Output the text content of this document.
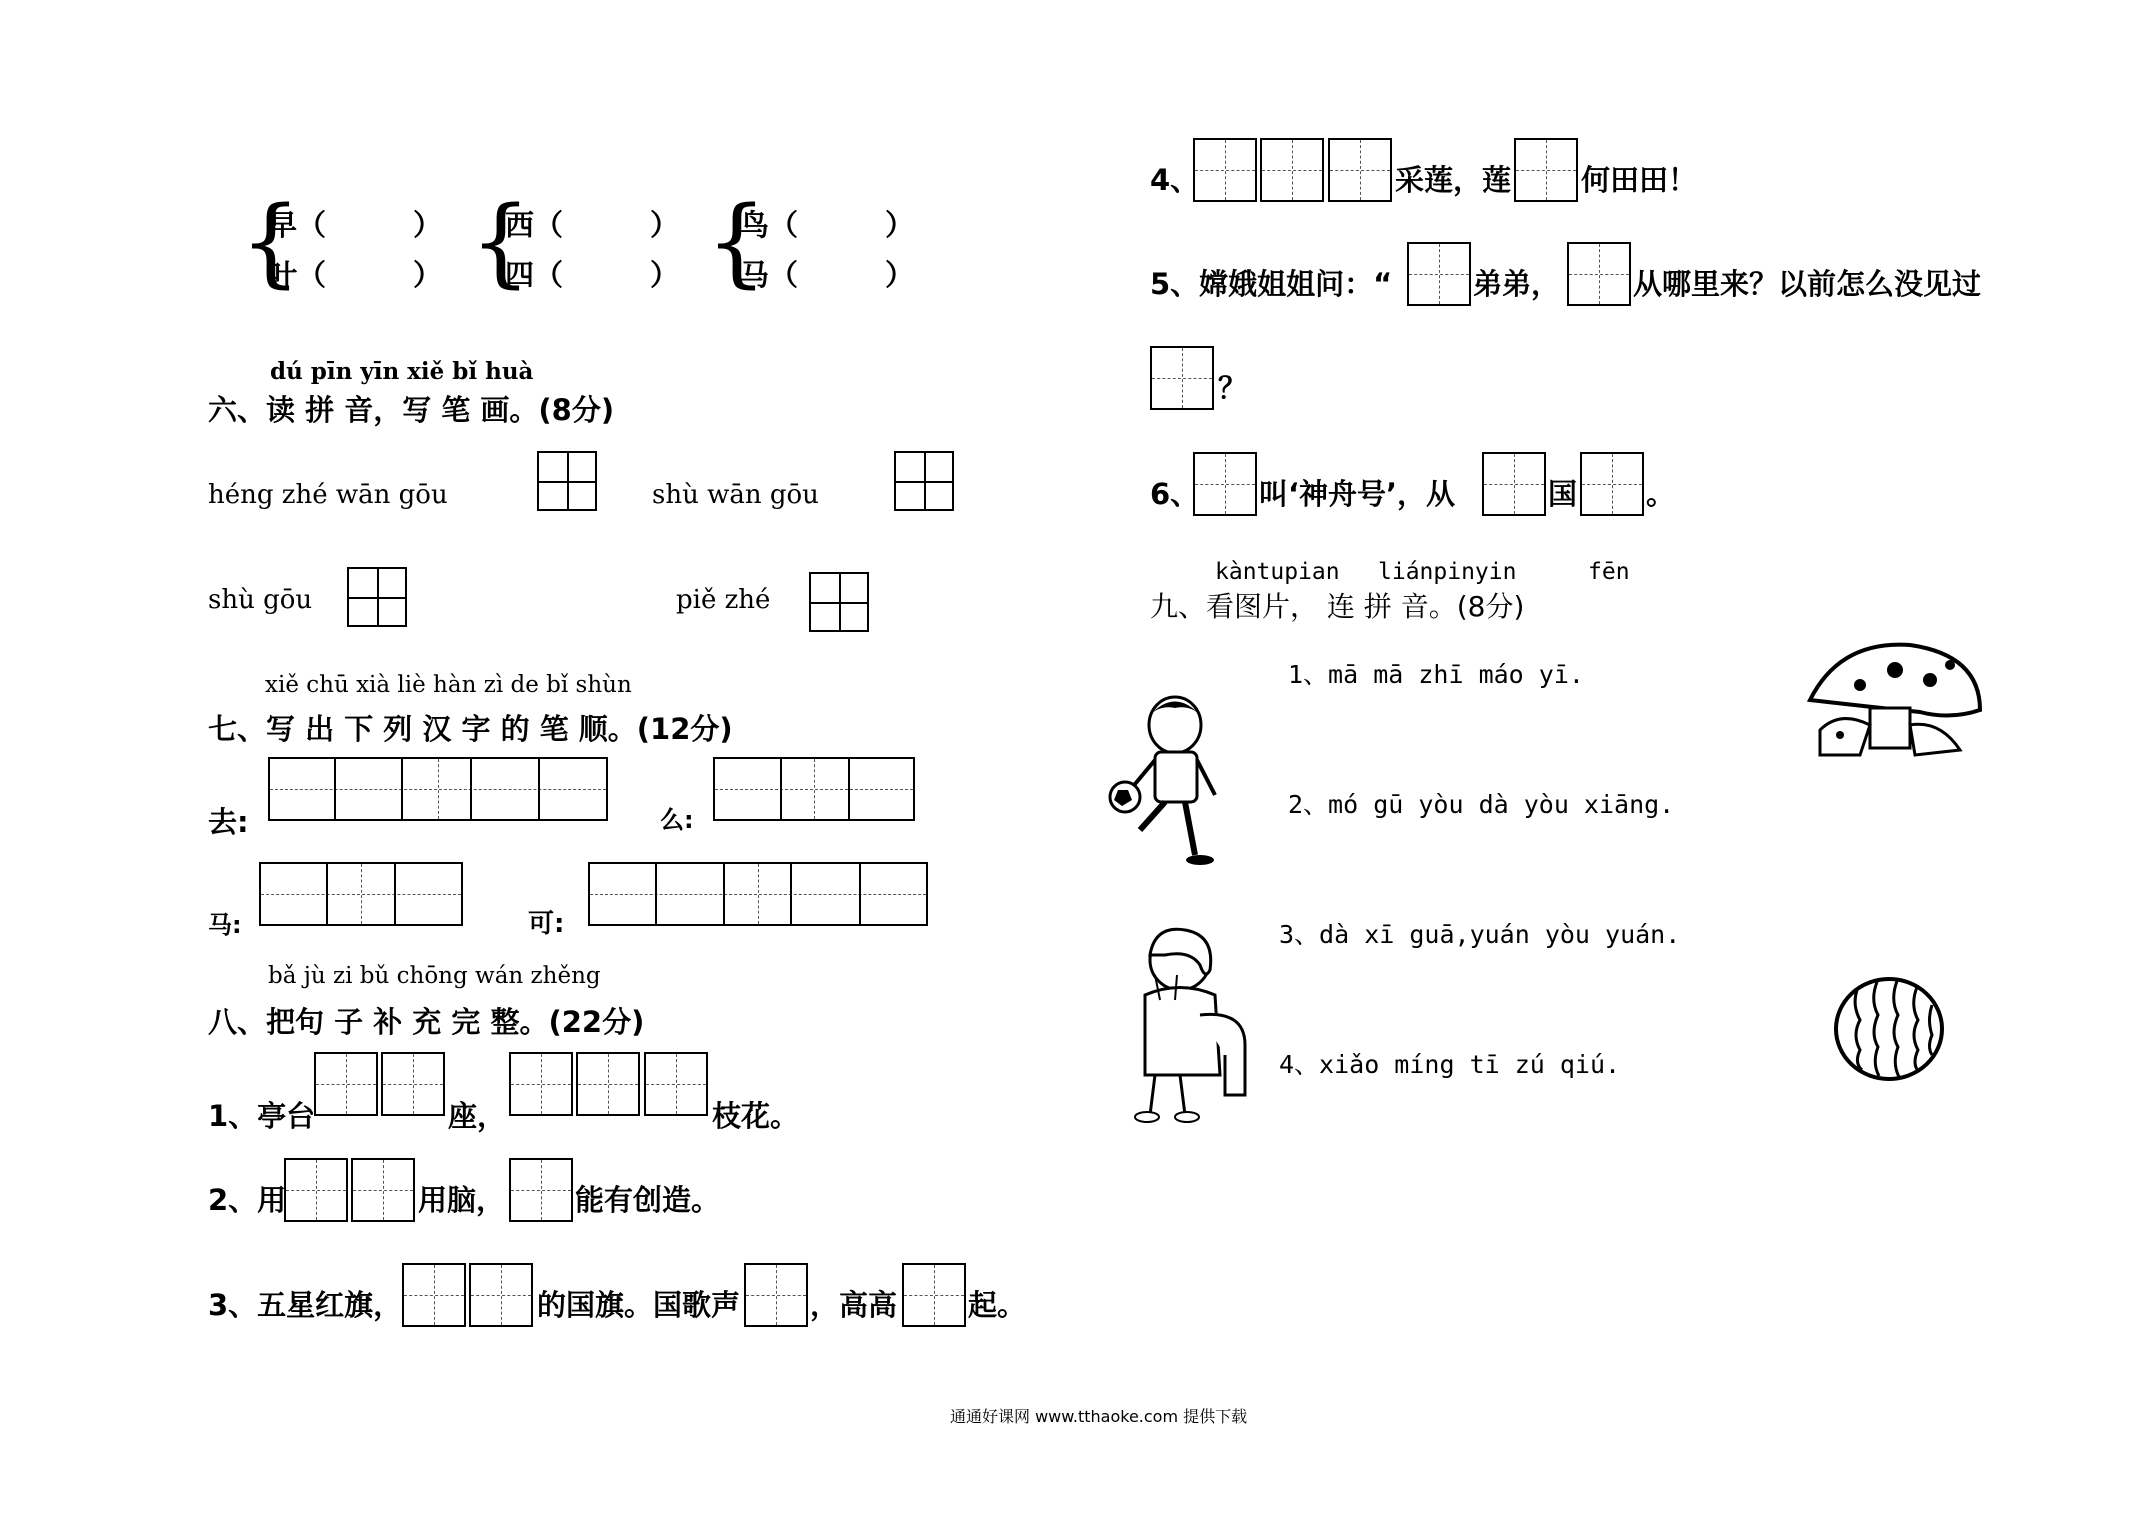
{ { {
早（　　　）
叶（　　　）
西（　　　）
四（　　　）
鸟（　　　）
马（　　　）
dú pīn yīn xiě bǐ huà
六、读 拼 音，写 笔 画。(8分)
héng zhé wān gōu	shù wān gōu
shù gōu	piě zhé
xiě chū xià liè hàn zì de bǐ shùn
七、写 出 下 列 汉 字 的 笔 顺。(12分)
去:	么:
马:	可:
bǎ jù zi bǔ chōng wán zhěng
八、把句 子 补 充 完 整。(22分)
1、亭台	座，	枝花。
2、用	用脑， 能有创造。
3、五星红旗，	的国旗。国歌声 ，高高 起。
4、	采莲，莲 何田田！
5、嫦娥姐姐问：“	弟弟，	从哪里来？以前怎么没见过
？
6、 叫‘神舟号’，从	国 。
kàntupian liánpinyin	fēn
九、看图片， 连 拼 音。(8分)
1、mā mā zhī máo yī.
2、mó gū yòu dà yòu xiāng.
3、dà xī guā,yuán yòu yuán.
4、xiǎo míng tī zú qiú.
通通好课网 www.tthaoke.com 提供下载
